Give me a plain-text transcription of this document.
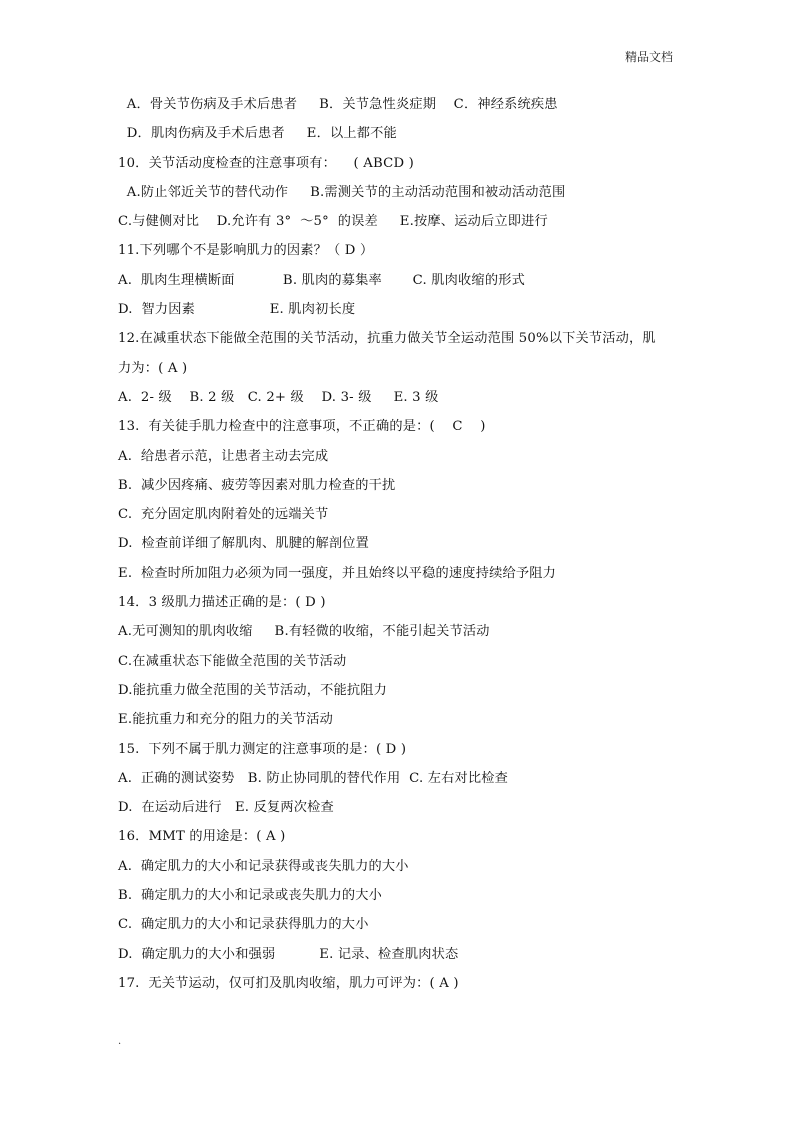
精品文档
A．骨关节伤病及手术后患者     B．关节急性炎症期    C．神经系统疾患
D．肌肉伤病及手术后患者     E．以上都不能
10．关节活动度检查的注意事项有：    ( ABCD )
A.防止邻近关节的替代动作     B.需测关节的主动活动范围和被动活动范围
C.与健侧对比    D.允许有 3°  ～5°  的误差     E.按摩、运动后立即进行
11.下列哪个不是影响肌力的因素？（ D ）
A.  肌肉生理横断面           B. 肌肉的募集率       C. 肌肉收缩的形式
D.  智力因素                 E. 肌肉初长度
12.在减重状态下能做全范围的关节活动，抗重力做关节全运动范围 50%以下关节活动，肌
力为：( A )
A.  2- 级    B. 2 级   C. 2+ 级    D. 3- 级     E. 3 级
13.  有关徒手肌力检查中的注意事项，不正确的是：(    C    )
A.  给患者示范，让患者主动去完成
B.  减少因疼痛、疲劳等因素对肌力检查的干扰
C.  充分固定肌肉附着处的远端关节
D.  检查前详细了解肌肉、肌腱的解剖位置
E.  检查时所加阻力必须为同一强度，并且始终以平稳的速度持续给予阻力
14．3 级肌力描述正确的是：( D )
A.无可测知的肌肉收缩     B.有轻微的收缩，不能引起关节活动
C.在减重状态下能做全范围的关节活动
D.能抗重力做全范围的关节活动，不能抗阻力
E.能抗重力和充分的阻力的关节活动
15.  下列不属于肌力测定的注意事项的是：( D )
A.  正确的测试姿势   B. 防止协同肌的替代作用  C. 左右对比检查
D.  在运动后进行   E. 反复两次检查
16．MMT 的用途是：( A )
A.  确定肌力的大小和记录获得或丧失肌力的大小
B.  确定肌力的大小和记录或丧失肌力的大小
C.  确定肌力的大小和记录获得肌力的大小
D.  确定肌力的大小和强弱          E. 记录、检查肌肉状态
17.  无关节运动，仅可扪及肌肉收缩，肌力可评为：( A )
.
